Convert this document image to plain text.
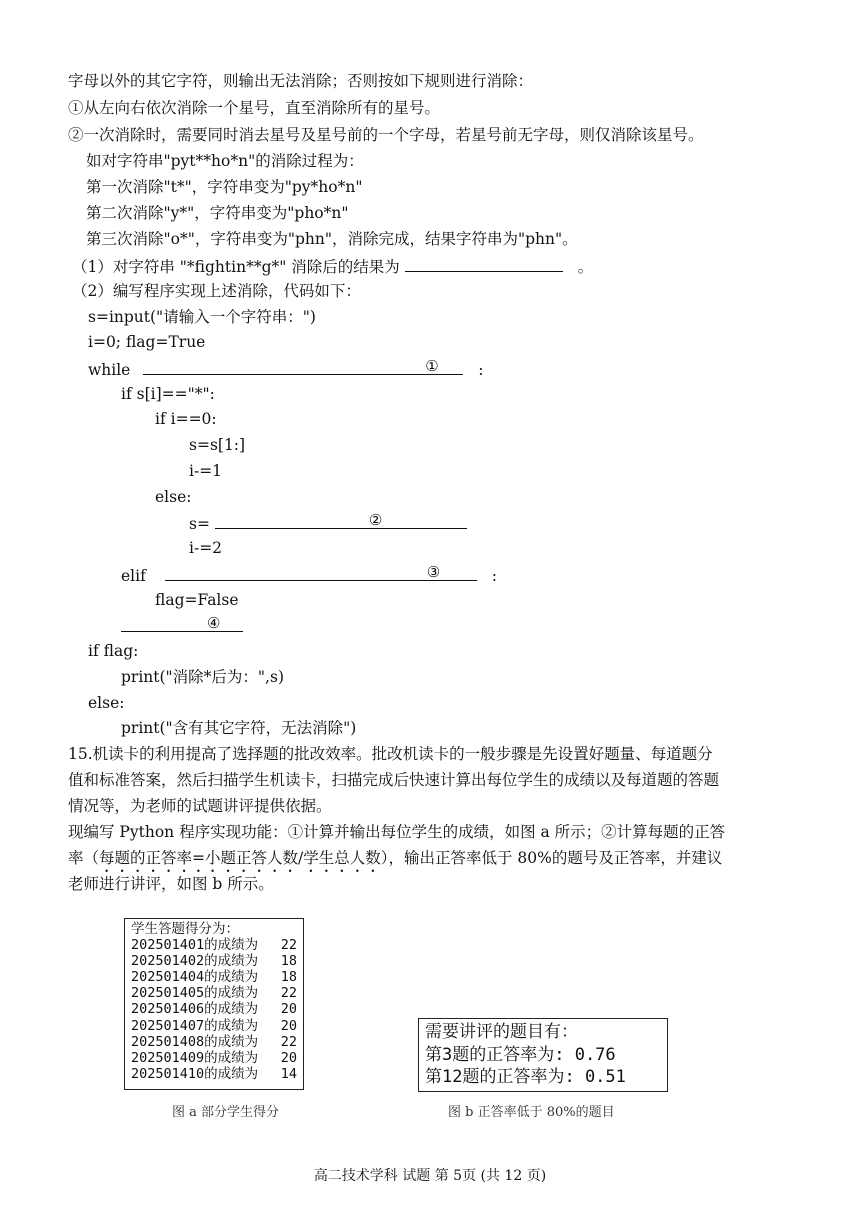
字母以外的其它字符，则输出无法消除；否则按如下规则进行消除：
①从左向右依次消除一个星号，直至消除所有的星号。
②一次消除时，需要同时消去星号及星号前的一个字母，若星号前无字母，则仅消除该星号。
如对字符串"pyt**ho*n"的消除过程为：
第一次消除"t*"，字符串变为"py*ho*n"
第二次消除"y*"，字符串变为"pho*n"
第三次消除"o*"，字符串变为"phn"，消除完成，结果字符串为"phn"。
（1）对字符串 "*fightin**g*" 消除后的结果为	。
（2）编写程序实现上述消除，代码如下：
s=input("请输入一个字符串：")
i=0; flag=True
while	①	:
if s[i]=="*":
if i==0:
s=s[1:]
i-=1
else:
s=	②
i-=2
elif	③	:
flag=False
④
if flag:
print("消除*后为：",s)
else:
print("含有其它字符，无法消除")
15.机读卡的利用提高了选择题的批改效率。批改机读卡的一般步骤是先设置好题量、每道题分
值和标准答案，然后扫描学生机读卡，扫描完成后快速计算出每位学生的成绩以及每道题的答题
情况等，为老师的试题讲评提供依据。
现编写 Python 程序实现功能：①计算并输出每位学生的成绩，如图 a 所示；②计算每题的正答
率（每题的正答率=小题正答人数/学生总人数），输出正答率低于 80%的题号及正答率，并建议
老师进行讲评，如图 b 所示。
学生答题得分为：
202501401的成绩为 22
202501402的成绩为 18
202501404的成绩为 18
202501405的成绩为 22
202501406的成绩为 20
202501407的成绩为 20
202501408的成绩为 22
202501409的成绩为 20
202501410的成绩为 14
图 a 部分学生得分
需要讲评的题目有：
第3题的正答率为: 0.76
第12题的正答率为: 0.51
图 b 正答率低于 80%的题目
高二技术学科 试题 第 5页 (共 12 页)
